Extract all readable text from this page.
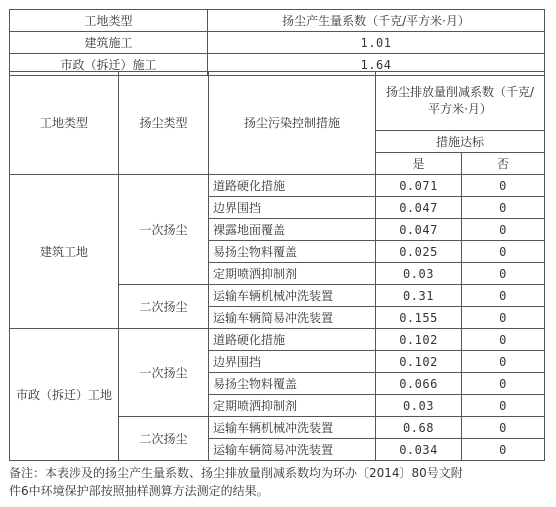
工地类型	扬尘产生量系数（千克/平方米·月）
建筑施工	1.01
市政（拆迁）施工	1.64
工地类型	扬尘类型	扬尘污染控制措施	扬尘排放量削减系数（千克/平方米·月）	
			措施达标	
			是	否
建筑工地	一次扬尘	道路硬化措施	0.071	0
		边界围挡	0.047	0
		裸露地面覆盖	0.047	0
		易扬尘物料覆盖	0.025	0
		定期喷洒抑制剂	0.03	0
	二次扬尘	运输车辆机械冲洗装置	0.31	0
		运输车辆简易冲洗装置	0.155	0
市政（拆迁）工地	一次扬尘	道路硬化措施	0.102	0
		边界围挡	0.102	0
		易扬尘物料覆盖	0.066	0
		定期喷洒抑制剂	0.03	0
	二次扬尘	运输车辆机械冲洗装置	0.68	0
		运输车辆简易冲洗装置	0.034	0

备注：本表涉及的扬尘产生量系数、扬尘排放量削减系数均为环办〔2014〕80号文附

件6中环境保护部按照抽样测算方法测定的结果。
